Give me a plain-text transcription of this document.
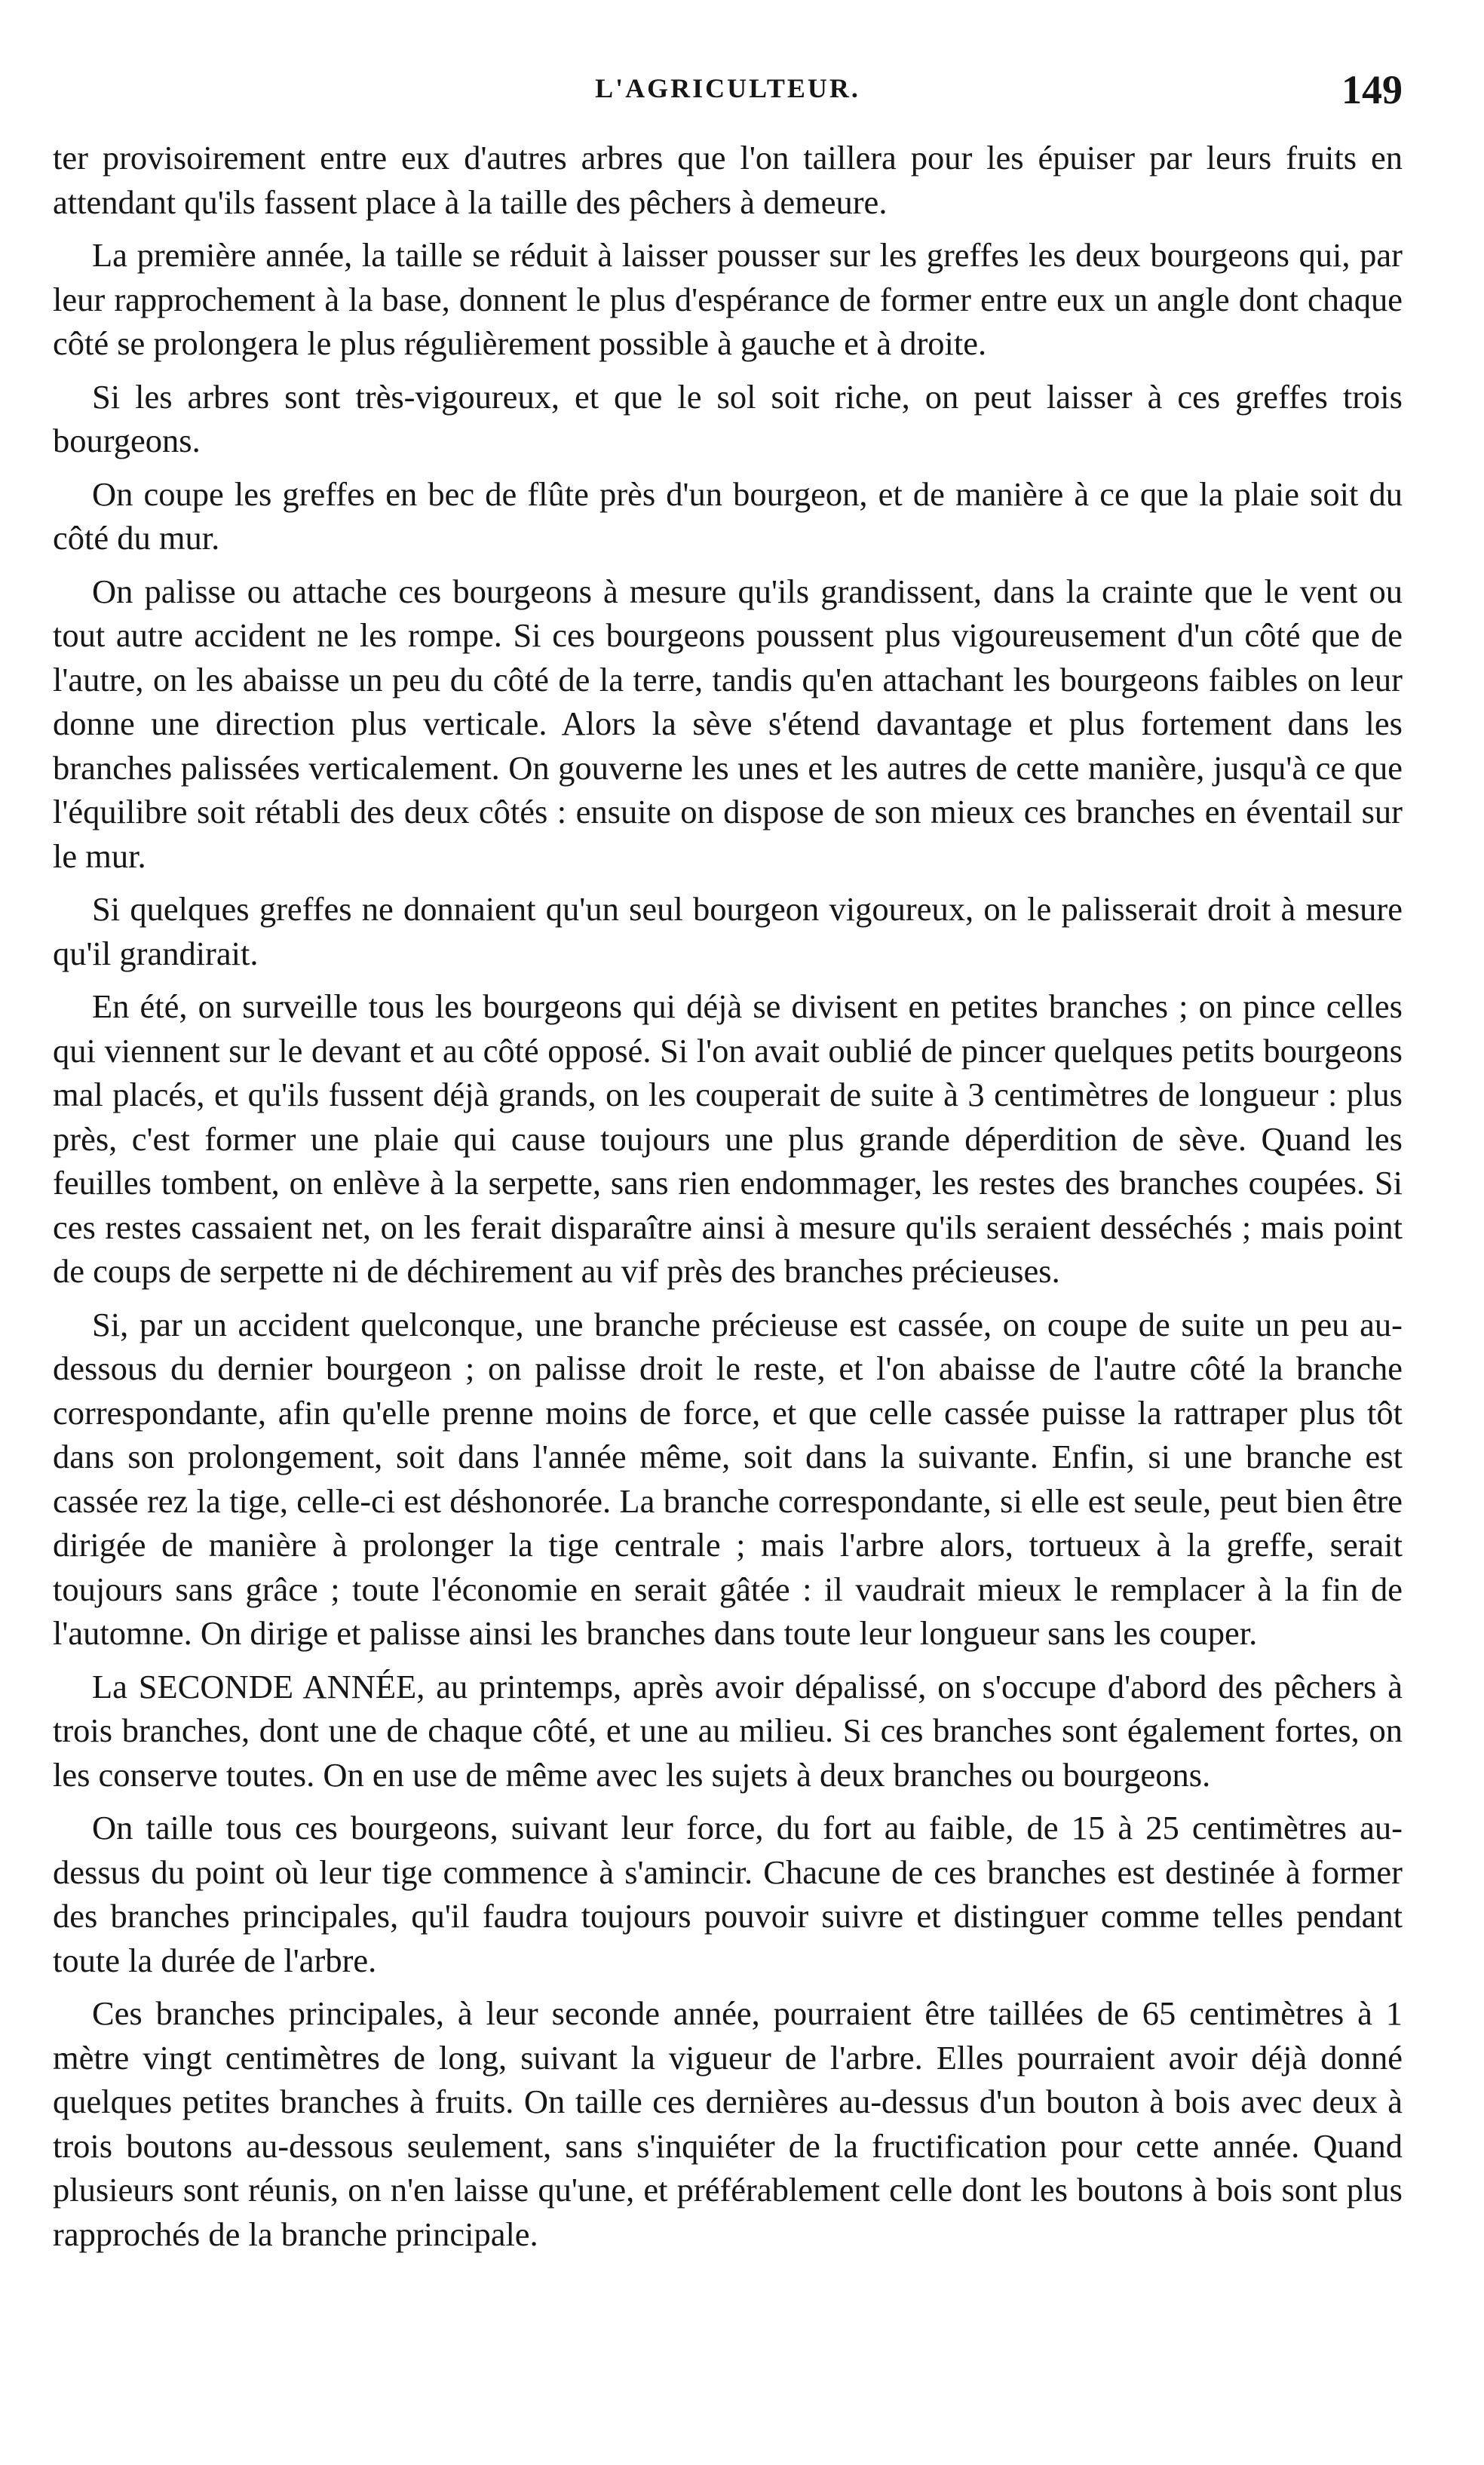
L'AGRICULTEUR.	149

ter provisoirement entre eux d'autres arbres que l'on taillera pour les épuiser par leurs fruits en attendant qu'ils fassent place à la taille des pêchers à demeure.

La première année, la taille se réduit à laisser pousser sur les greffes les deux bourgeons qui, par leur rapprochement à la base, donnent le plus d'espérance de former entre eux un angle dont chaque côté se prolongera le plus régulièrement possible à gauche et à droite.

Si les arbres sont très-vigoureux, et que le sol soit riche, on peut laisser à ces greffes trois bourgeons.

On coupe les greffes en bec de flûte près d'un bourgeon, et de manière à ce que la plaie soit du côté du mur.

On palisse ou attache ces bourgeons à mesure qu'ils grandissent, dans la crainte que le vent ou tout autre accident ne les rompe. Si ces bourgeons poussent plus vigoureusement d'un côté que de l'autre, on les abaisse un peu du côté de la terre, tandis qu'en attachant les bourgeons faibles on leur donne une direction plus verticale. Alors la sève s'étend davantage et plus fortement dans les branches palissées verticalement. On gouverne les unes et les autres de cette manière, jusqu'à ce que l'équilibre soit rétabli des deux côtés : ensuite on dispose de son mieux ces branches en éventail sur le mur.

Si quelques greffes ne donnaient qu'un seul bourgeon vigoureux, on le palisserait droit à mesure qu'il grandirait.

En été, on surveille tous les bourgeons qui déjà se divisent en petites branches ; on pince celles qui viennent sur le devant et au côté opposé. Si l'on avait oublié de pincer quelques petits bourgeons mal placés, et qu'ils fussent déjà grands, on les couperait de suite à 3 centimètres de longueur : plus près, c'est former une plaie qui cause toujours une plus grande déperdition de sève. Quand les feuilles tombent, on enlève à la serpette, sans rien endommager, les restes des branches coupées. Si ces restes cassaient net, on les ferait disparaître ainsi à mesure qu'ils seraient desséchés ; mais point de coups de serpette ni de déchirement au vif près des branches précieuses.

Si, par un accident quelconque, une branche précieuse est cassée, on coupe de suite un peu au-dessous du dernier bourgeon ; on palisse droit le reste, et l'on abaisse de l'autre côté la branche correspondante, afin qu'elle prenne moins de force, et que celle cassée puisse la rattraper plus tôt dans son prolongement, soit dans l'année même, soit dans la suivante. Enfin, si une branche est cassée rez la tige, celle-ci est déshonorée. La branche correspondante, si elle est seule, peut bien être dirigée de manière à prolonger la tige centrale ; mais l'arbre alors, tortueux à la greffe, serait toujours sans grâce ; toute l'économie en serait gâtée : il vaudrait mieux le remplacer à la fin de l'automne. On dirige et palisse ainsi les branches dans toute leur longueur sans les couper.

La SECONDE ANNÉE, au printemps, après avoir dépalissé, on s'occupe d'abord des pêchers à trois branches, dont une de chaque côté, et une au milieu. Si ces branches sont également fortes, on les conserve toutes. On en use de même avec les sujets à deux branches ou bourgeons.

On taille tous ces bourgeons, suivant leur force, du fort au faible, de 15 à 25 centimètres au-dessus du point où leur tige commence à s'amincir. Chacune de ces branches est destinée à former des branches principales, qu'il faudra toujours pouvoir suivre et distinguer comme telles pendant toute la durée de l'arbre.

Ces branches principales, à leur seconde année, pourraient être taillées de 65 centimètres à 1 mètre vingt centimètres de long, suivant la vigueur de l'arbre. Elles pourraient avoir déjà donné quelques petites branches à fruits. On taille ces dernières au-dessus d'un bouton à bois avec deux à trois boutons au-dessous seulement, sans s'inquiéter de la fructification pour cette année. Quand plusieurs sont réunis, on n'en laisse qu'une, et préférablement celle dont les boutons à bois sont plus rapprochés de la branche principale.
